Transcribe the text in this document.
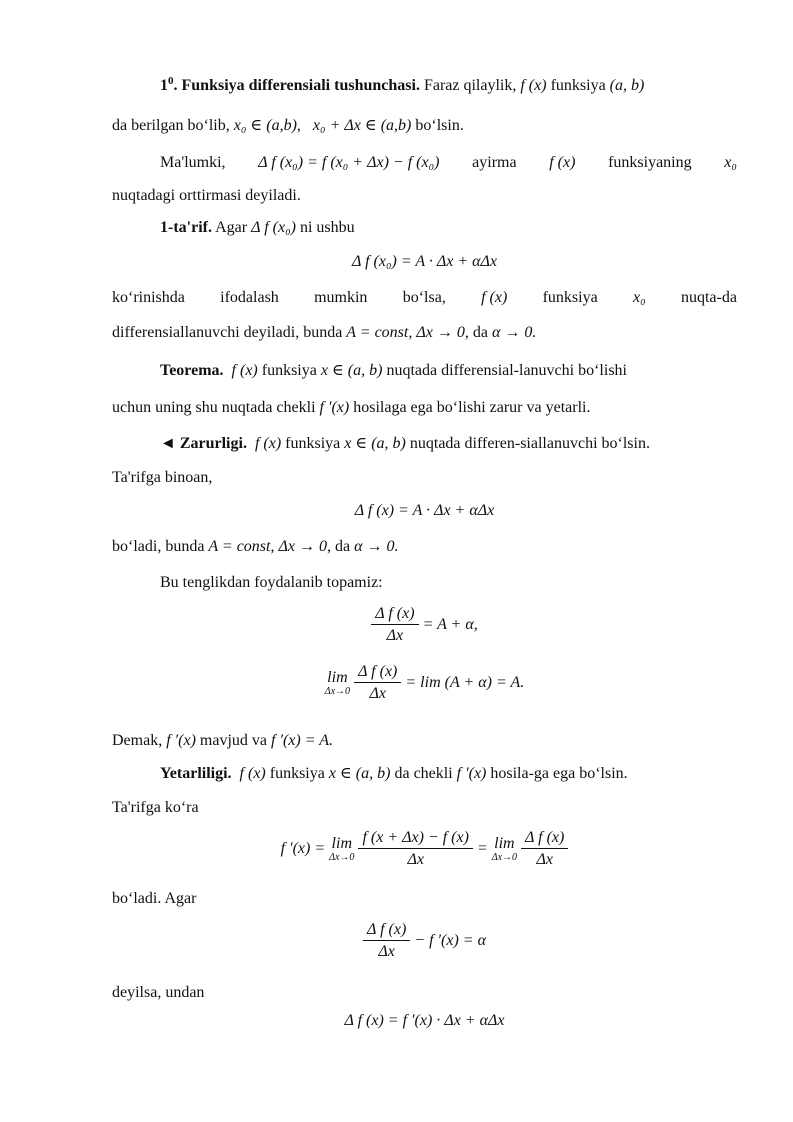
$1^0$. Funksiya differensiali tushunchasi. Faraz qilaylik, f (x) funksiya (a, b)
da berilgan bo‘lib, x₀ ∈ (a,b), x₀ + Δx ∈ (a,b) bo‘lsin.
Ma'lumki, Δ f (x₀) = f (x₀ + Δx) − f (x₀) ayirma f (x) funksiyaning x₀
nuqtadagi orttirmasi deyiladi.
1-ta'rif. Agar Δ f (x₀) ni ushbu
Δ f (x₀) = A · Δx + αΔx
ko‘rinishda ifodalash mumkin bo‘lsa, f (x) funksiya x₀ nuqta-da
differensiallanuvchi deyiladi, bunda A = const, Δx → 0, da α → 0.
Teorema. f (x) funksiya x ∈ (a, b) nuqtada differensial-lanuvchi bo‘lishi
uchun uning shu nuqtada chekli f ′(x) hosilaga ega bo‘lishi zarur va yetarli.
◄ Zarurligi. f (x) funksiya x ∈ (a, b) nuqtada differen-siallanuvchi bo‘lsin.
Ta'rifga binoan,
Δ f (x) = A · Δx + αΔx
bo‘ladi, bunda A = const, Δx → 0, da α → 0.
Bu tenglikdan foydalanib topamiz:
$\frac{\text{Δ f (x)}}{\Delta x} = A + \alpha$,
lim
Δx→0
$\frac{\text{Δ f (x)}}{\Delta x} = \lim (A + \alpha) = A$.
Demak, f ′(x) mavjud va f ′(x) = A.
Yetarliligi. f (x) funksiya x ∈ (a, b) da chekli f ′(x) hosila-ga ega bo‘lsin.
Ta'rifga ko‘ra
f ′(x) = lim
Δx→0
$\frac{f (x + \Delta x) - f (x)}{\Delta x} = \lim$
Δx→0
$\frac{\text{Δ f (x)}}{\Delta x}$
bo‘ladi. Agar
$\frac{\text{Δ f (x)}}{\Delta x} - f$ ′(x) = α
deyilsa, undan
Δ f (x) = f ′(x) · Δx + αΔx
